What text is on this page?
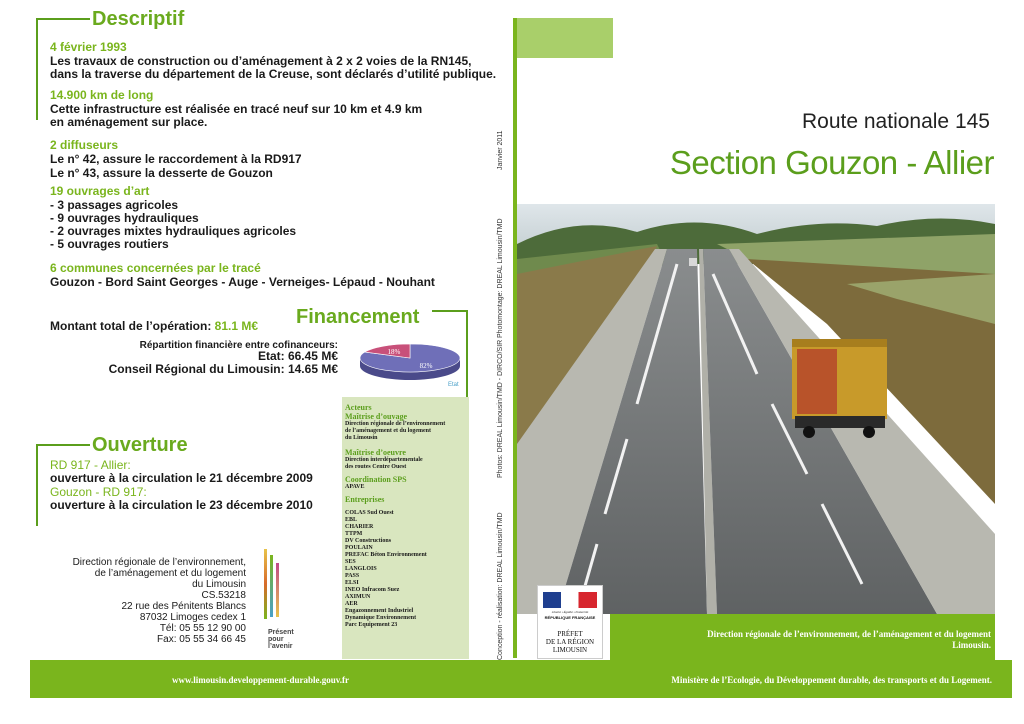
Descriptif
4 février 1993
Les travaux de construction ou d’aménagement à 2 x 2 voies de la RN145,
dans la traverse du département de la Creuse, sont déclarés d’utilité publique.
14.900 km de long
Cette infrastructure est réalisée en tracé neuf sur 10 km et 4.9 km
en aménagement sur place.
2 diffuseurs
Le n° 42, assure le raccordement à la RD917
Le n° 43, assure la desserte de Gouzon
19 ouvrages d’art
- 3 passages agricoles
- 9 ouvrages hydrauliques
- 2 ouvrages mixtes hydrauliques agricoles
- 5 ouvrages routiers
6 communes concernées par le tracé
Gouzon - Bord Saint Georges - Auge - Verneiges- Lépaud - Nouhant
Financement
Montant total de l’opération: 81.1 M€
Répartition financière entre cofinanceurs:
Etat: 66.45 M€
Conseil Régional du Limousin: 14.65 M€	82%
18%
Etat
Ouverture
RD 917 - Allier:
ouverture à la circulation le 21 décembre 2009
Gouzon - RD 917:
ouverture à la circulation le 23 décembre 2010
Acteurs
Maîtrise d’ouvage
Direction régionale de l’environnement
de l’aménagement et du logement
du Limousin
Maîtrise d’oeuvre
Direction interdépartementale
des routes Centre Ouest
Coordination SPS
APAVE
Entreprises
COLAS Sud Ouest
EBL
CHARIER
TTPM
DV Constructions
POULAIN
PREFAC Béton Environnement
SES
LANGLOIS
PASS
ELSI
INEO Infracom Suez
AXIMUN
AER
Engazonnement Industriel
Dynamique Environnement
Parc Equipement 23
Direction régionale de l’environnement,
de l’aménagement et du logement
du Limousin
CS.53218
22 rue des Pénitents Blancs
87032 Limoges cedex 1
Tél: 05 55 12 90 00
Fax: 05 55 34 66 45
Présent
pour
l’avenir
Janvier 2011
Photomontage: DREAL Limousin/TMD
Photos: DREAL Limousin/TMD - DIRCO/SIR
Conception - réalisation: DREAL Limousin/TMD
Route nationale 145
Section Gouzon - Allier
Liberté • Égalité • Fraternité
RÉPUBLIQUE FRANÇAISE
PRÉFET
DE LA RÉGION
LIMOUSIN
Direction régionale de l’environnement, de l’aménagement et du logement
Limousin.
www.limousin.developpement-durable.gouv.fr	Ministère de l’Ecologie, du Développement durable, des transports et du Logement.
